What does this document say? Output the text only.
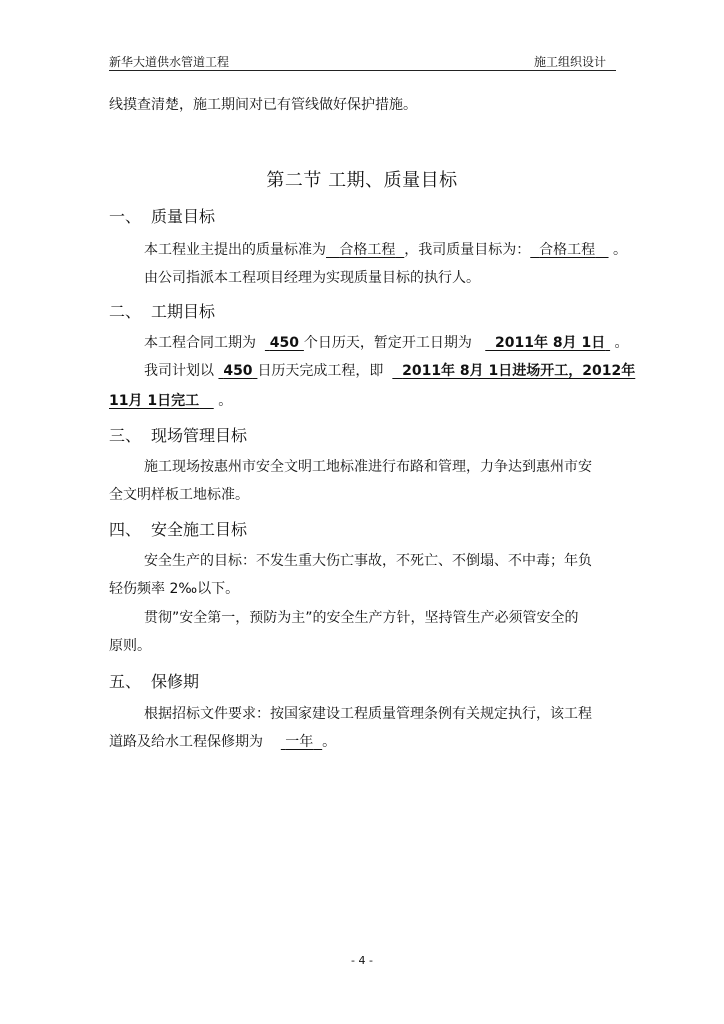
新华大道供水管道工程	施工组织设计
线摸查清楚，施工期间对已有管线做好保护措施。
第二节 工期、质量目标
一、 质量目标
本工程业主提出的质量标准为 合格工程 ，我司质量目标为： 合格工程 。
由公司指派本工程项目经理为实现质量目标的执行人。
二、 工期目标
本工程合同工期为 450 个日历天，暂定开工日期为 2011年 8月 1日 。
我司计划以 450 日历天完成工程，即 2011年 8月 1日进场开工，2012年
11月 1日完工 。
三、 现场管理目标
施工现场按惠州市安全文明工地标准进行布路和管理，力争达到惠州市安
全文明样板工地标准。
四、 安全施工目标
安全生产的目标：不发生重大伤亡事故，不死亡、不倒塌、不中毒；年负
轻伤频率 2‰以下。
贯彻”安全第一，预防为主”的安全生产方针，坚持管生产必须管安全的
原则。
五、 保修期
根据招标文件要求：按国家建设工程质量管理条例有关规定执行，该工程
道路及给水工程保修期为 一年 。
- 4 -
